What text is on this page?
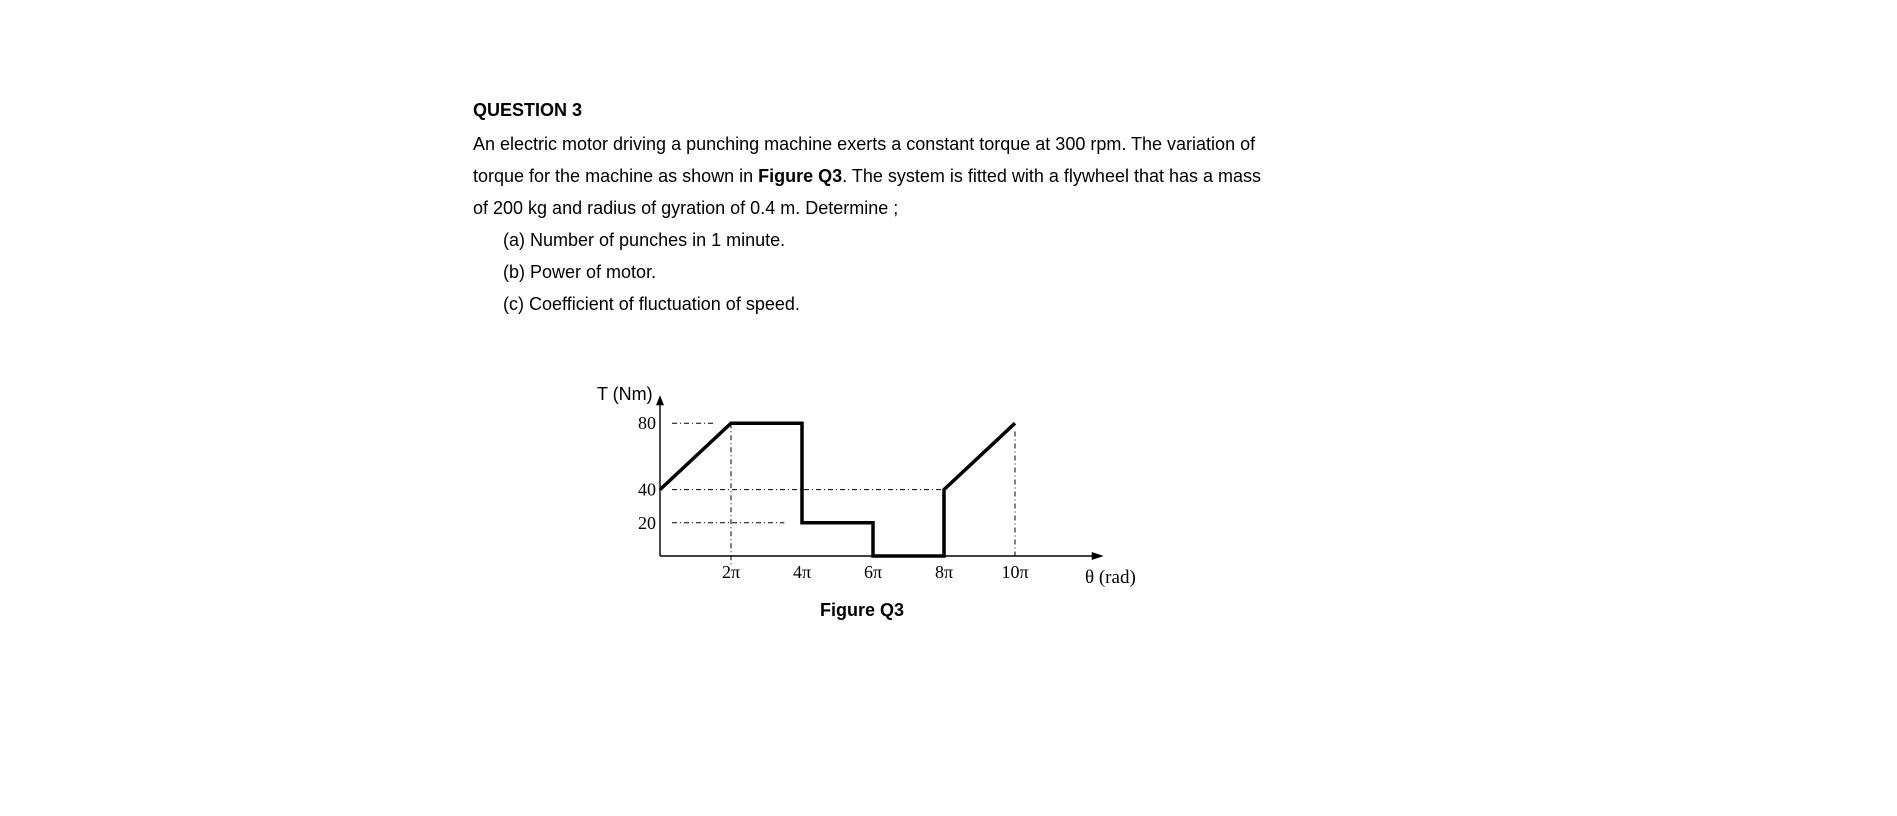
QUESTION 3
An electric motor driving a punching machine exerts a constant torque at 300 rpm. The variation of
torque for the machine as shown in Figure Q3. The system is fitted with a flywheel that has a mass
of 200 kg and radius of gyration of 0.4 m. Determine ;
(a) Number of punches in 1 minute.
(b) Power of motor.
(c) Coefficient of fluctuation of speed.
20
40
80
2π	4π	6π	8π	10π
T (Nm)
θ (rad)
Figure Q3
